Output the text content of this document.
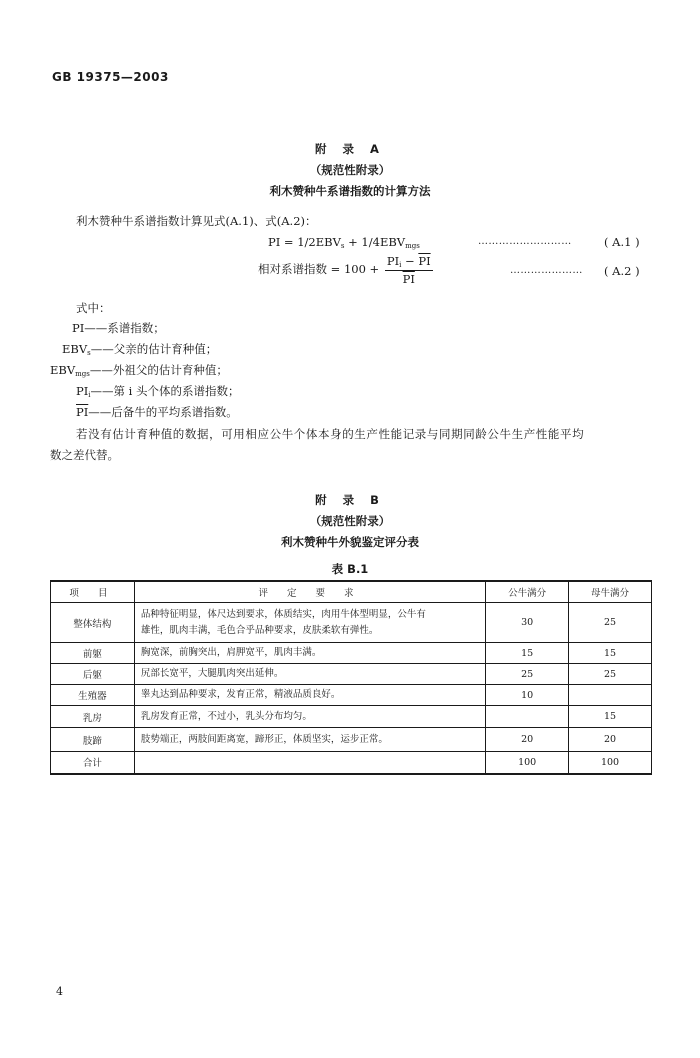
GB 19375—2003
附 录 A
（规范性附录）
利木赞种牛系谱指数的计算方法
利木赞种牛系谱指数计算见式(A.1)、式(A.2)：
PI = $1/2EBV_s + 1/4EBV_{mgs}$	………………………	( A.1 )
相对系谱指数 = $100 + \frac{PI_i - \overline{PI}}{PI}$	………………… ( A.2 )
式中：
PI——系谱指数；
$EBV_s——$父亲的估计育种值；
$EBV_{mgs}——$外祖父的估计育种值；
$PI_i——$第 i 头个体的系谱指数；
$\overline{PI}——$后备牛的平均系谱指数。
若没有估计育种值的数据，可用相应公牛个体本身的生产性能记录与同期同龄公牛生产性能平均
数之差代替。
附 录 B
（规范性附录）
利木赞种牛外貌鉴定评分表
表 B.1
项 目	评 定 要 求	公牛满分	母牛满分
整体结构	品种特征明显，体尺达到要求，体质结实，肉用牛体型明显，公牛有
雄性，肌肉丰满，毛色合乎品种要求，皮肤柔软有弹性。	30	25
前躯	胸宽深，前胸突出，肩胛宽平，肌肉丰满。	15	15
后躯	尻部长宽平，大腿肌肉突出延伸。	25	25
生殖器	睾丸达到品种要求，发育正常，精液品质良好。	10	
乳房	乳房发育正常，不过小，乳头分布均匀。		15
肢蹄	肢势端正，两肢间距离宽，蹄形正，体质坚实，运步正常。	20	20
合计		100	100
4
